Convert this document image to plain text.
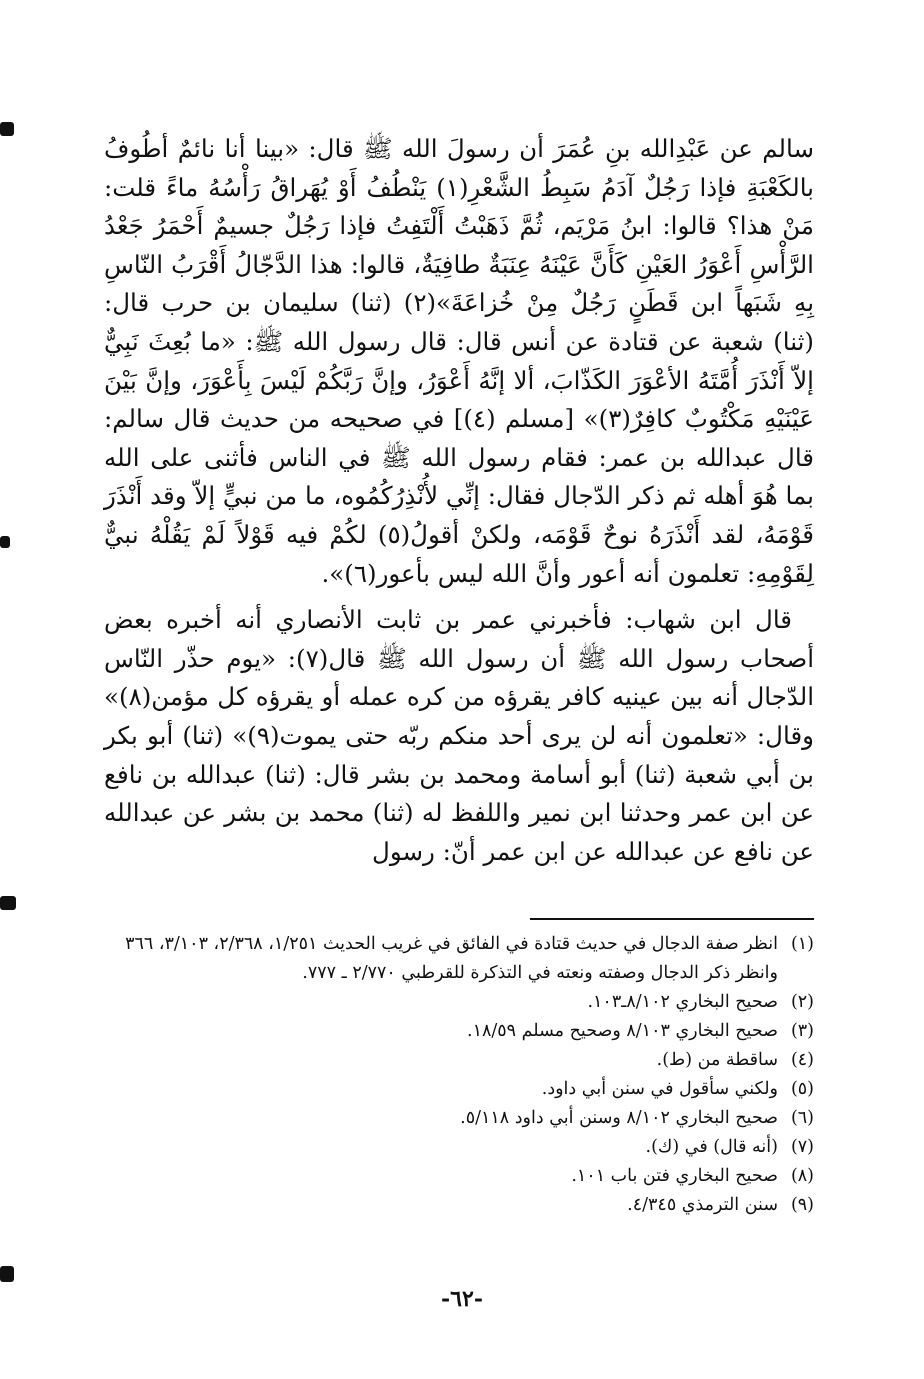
سالم عن عَبْدِالله بنِ عُمَرَ أن رسولَ الله ﷺ قال: «بينا أنا نائمٌ أطُوفُ بالكَعْبَةِ فإذا رَجُلٌ آدَمُ سَبِطُ الشَّعْرِ(١) يَنْطُفُ أَوْ يُهَراقُ رَأْسُهُ ماءً قلت: مَنْ هذا؟ قالوا: ابنُ مَرْيَم، ثُمَّ ذَهَبْتُ أَلْتَفِتُ فإذا رَجُلٌ جسيمٌ أَحْمَرُ جَعْدُ الرَّأْسِ أَعْوَرُ العَيْنِ كَأَنَّ عَيْنَهُ عِنَبَةٌ طافِيَةٌ، قالوا: هذا الدَّجّالُ أَقْرَبُ النّاسِ بِهِ شَبَهاً ابن قَطَنٍ رَجُلٌ مِنْ خُزاعَةَ»(٢) (ثنا) سليمان بن حرب قال: (ثنا) شعبة عن قتادة عن أنس قال: قال رسول الله ﷺ: «ما بُعِثَ نَبِيٌّ إلاّ أَنْذَرَ أُمَّتَهُ الأعْوَرَ الكَذّابَ، ألا إنَّهُ أَعْوَرُ، وإنَّ رَبَّكُمْ لَيْسَ بِأَعْوَرَ، وإنَّ بَيْنَ عَيْنَيْهِ مَكْتُوبٌ كافِرٌ(٣)» [مسلم (٤)] في صحيحه من حديث قال سالم: قال عبدالله بن عمر: فقام رسول الله ﷺ في الناس فأثنى على الله بما هُوَ أهله ثم ذكر الدّجال فقال: إنِّي لأُنْذِرُكُمُوه، ما من نبيٍّ إلاّ وقد أَنْذَرَ قَوْمَهُ، لقد أَنْذَرَهُ نوحٌ قَوْمَه، ولكنْ أقولُ(٥) لكُمْ فيه قَوْلاً لَمْ يَقُلْهُ نبيٌّ لِقَوْمِهِ: تعلمون أنه أعور وأنَّ الله ليس بأعور(٦)».

قال ابن شهاب: فأخبرني عمر بن ثابت الأنصاري أنه أخبره بعض أصحاب رسول الله ﷺ أن رسول الله ﷺ قال(٧): «يوم حذّر النّاس الدّجال أنه بين عينيه كافر يقرؤه من كره عمله أو يقرؤه كل مؤمن(٨)» وقال: «تعلمون أنه لن يرى أحد منكم ربّه حتى يموت(٩)» (ثنا) أبو بكر بن أبي شعبة (ثنا) أبو أسامة ومحمد بن بشر قال: (ثنا) عبدالله بن نافع عن ابن عمر وحدثنا ابن نمير واللفظ له (ثنا) محمد بن بشر عن عبدالله عن نافع عن عبدالله عن ابن عمر أنّ: رسول

(١)
انظر صفة الدجال في حديث قتادة في الفائق في غريب الحديث ١/٢٥١، ٢/٣٦٨، ٣/١٠٣، ٣٦٦ وانظر ذكر الدجال وصفته ونعته في التذكرة للقرطبي ٢/٧٧٠ ـ ٧٧٧.
(٢)
صحيح البخاري ٨/١٠٢ـ١٠٣.
(٣)
صحيح البخاري ٨/١٠٣ وصحيح مسلم ١٨/٥٩.
(٤)
ساقطة من (ط).
(٥)
ولكني سأقول في سنن أبي داود.
(٦)
صحيح البخاري ٨/١٠٢ وسنن أبي داود ٥/١١٨.
(٧)
(أنه قال) في (ك).
(٨)
صحيح البخاري فتن باب ١٠١.
(٩)
سنن الترمذي ٤/٣٤٥.
-٦٢-
